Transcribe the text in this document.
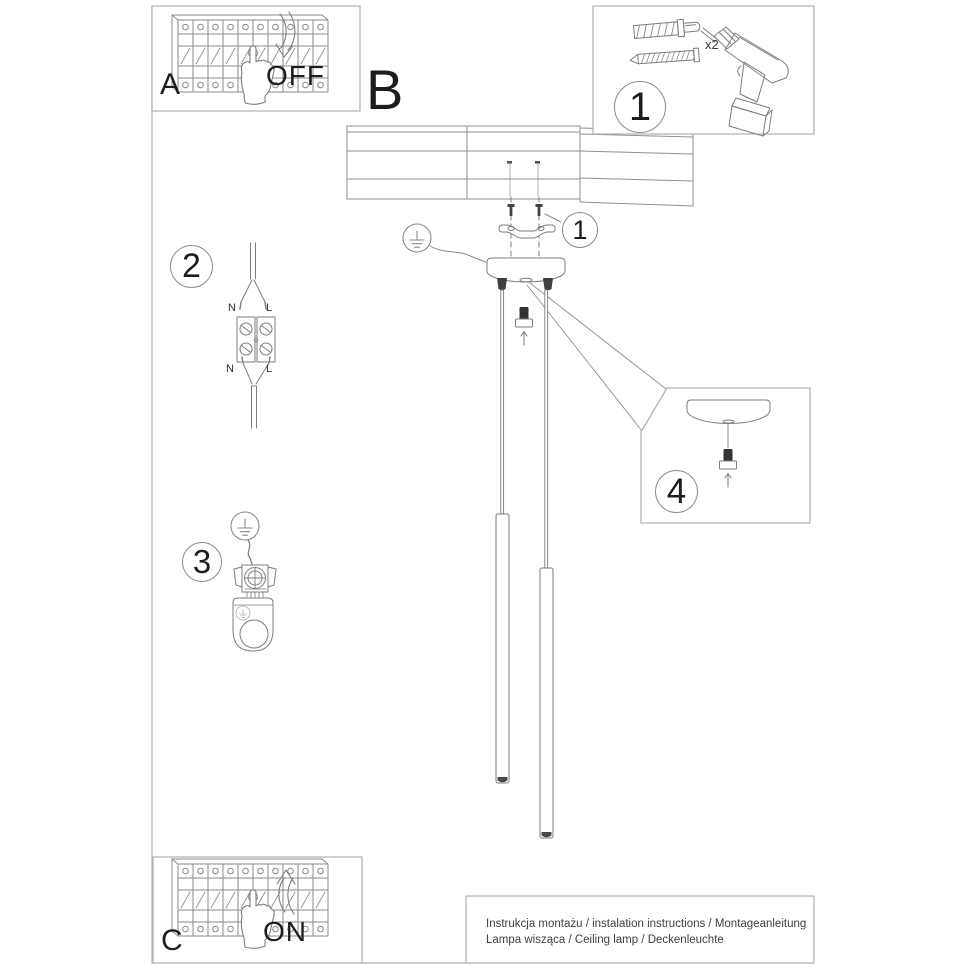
A	OFF B
C	ON
x2
1
1
2
3
4
N	L
N	L
Instrukcja montażu / instalation instructions / Montageanleitung
Lampa wisząca / Ceiling lamp / Deckenleuchte
